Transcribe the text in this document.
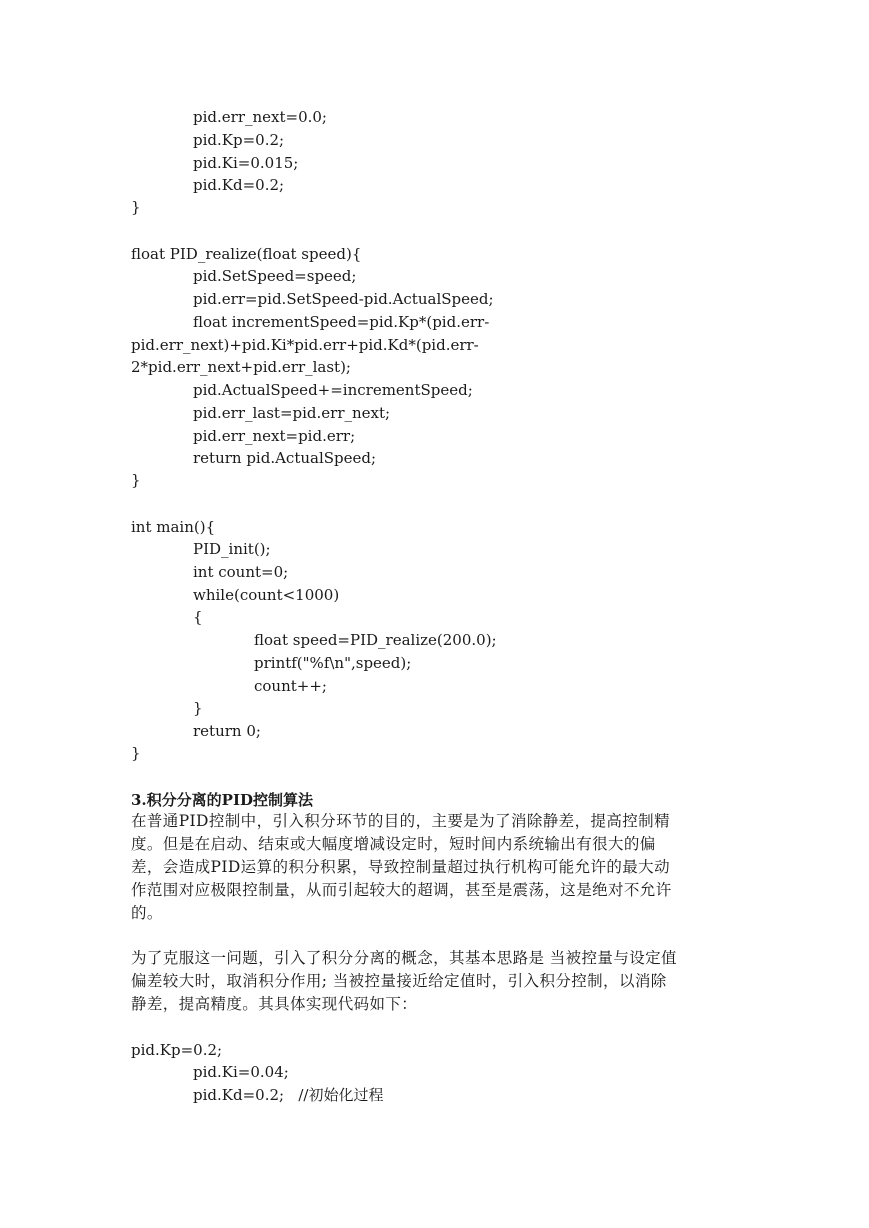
pid.err_next=0.0;
pid.Kp=0.2;
pid.Ki=0.015;
pid.Kd=0.2;
}
float PID_realize(float speed){
pid.SetSpeed=speed;
pid.err=pid.SetSpeed-pid.ActualSpeed;
float incrementSpeed=pid.Kp*(pid.err-
pid.err_next)+pid.Ki*pid.err+pid.Kd*(pid.err-
2*pid.err_next+pid.err_last);
pid.ActualSpeed+=incrementSpeed;
pid.err_last=pid.err_next;
pid.err_next=pid.err;
return pid.ActualSpeed;
}
int main(){
PID_init();
int count=0;
while(count<1000)
{
float speed=PID_realize(200.0);
printf("%f\n",speed);
count++;
}
return 0;
}
3.积分分离的PID控制算法
在普通PID控制中，引入积分环节的目的，主要是为了消除静差，提高控制精
度。但是在启动、结束或大幅度增减设定时，短时间内系统输出有很大的偏
差，会造成PID运算的积分积累，导致控制量超过执行机构可能允许的最大动
作范围对应极限控制量，从而引起较大的超调，甚至是震荡，这是绝对不允许
的。
为了克服这一问题，引入了积分分离的概念，其基本思路是 当被控量与设定值
偏差较大时，取消积分作用; 当被控量接近给定值时，引入积分控制，以消除
静差，提高精度。其具体实现代码如下：
pid.Kp=0.2;
pid.Ki=0.04;
pid.Kd=0.2;   //初始化过程
